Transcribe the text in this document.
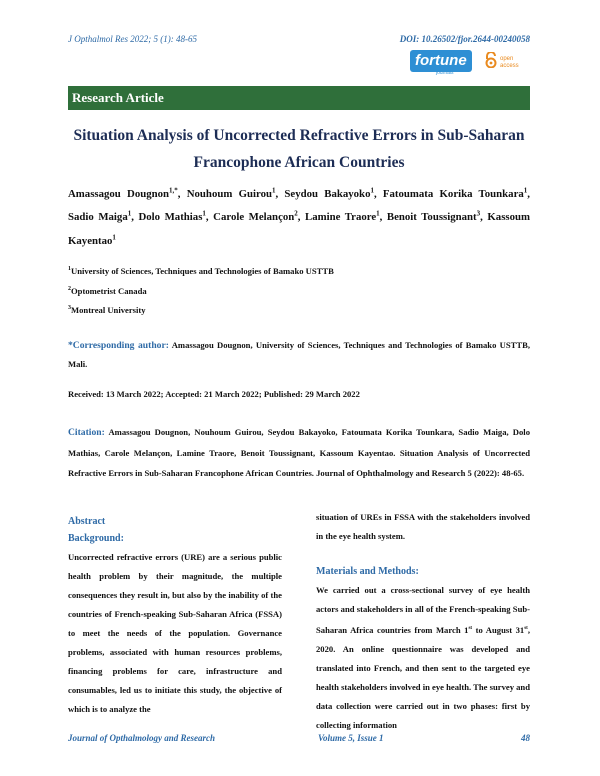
J Opthalmol Res 2022; 5 (1): 48-65	DOI: 10.26502/fjor.2644-00240058
fortune
journals
open access
Research Article
Situation Analysis of Uncorrected Refractive Errors in Sub-Saharan
Francophone African Countries
Amassagou Dougnon$^{1,*}$, Nouhoum Guirou$^1$, Seydou Bakayoko$^1$, Fatoumata Korika Tounkara$^1$, Sadio Maiga$^1$, Dolo Mathias$^1$, Carole Melançon$^2$, Lamine Traore$^1$, Benoit Toussignant$^3$, Kassoum Kayentao$^1$
$^1$University of Sciences, Techniques and Technologies of Bamako USTTB
$^2$Optometrist Canada
$^3$Montreal University
*Corresponding author: Amassagou Dougnon, University of Sciences, Techniques and Technologies of Bamako USTTB, Mali.
Received: 13 March 2022; Accepted: 21 March 2022; Published: 29 March 2022
Citation: Amassagou Dougnon, Nouhoum Guirou, Seydou Bakayoko, Fatoumata Korika Tounkara, Sadio Maiga, Dolo Mathias, Carole Melançon, Lamine Traore, Benoit Toussignant, Kassoum Kayentao. Situation Analysis of Uncorrected Refractive Errors in Sub-Saharan Francophone African Countries. Journal of Ophthalmology and Research 5 (2022): 48-65.
Abstract
Background:

Uncorrected refractive errors (URE) are a serious public health problem by their magnitude, the multiple consequences they result in, but also by the inability of the countries of French-speaking Sub-Saharan Africa (FSSA) to meet the needs of the population. Governance problems, associated with human resources problems, financing problems for care, infrastructure and consumables, led us to initiate this study, the objective of which is to analyze the

situation of UREs in FSSA with the stakeholders involved in the eye health system.

Materials and Methods:

We carried out a cross-sectional survey of eye health actors and stakeholders in all of the French-speaking Sub-Saharan Africa countries from March 1st to August 31st, 2020. An online questionnaire was developed and translated into French, and then sent to the targeted eye health stakeholders involved in eye health. The survey and data collection were carried out in two phases: first by collecting information

Journal of Opthalmology and Research	Volume 5, Issue 1	48
